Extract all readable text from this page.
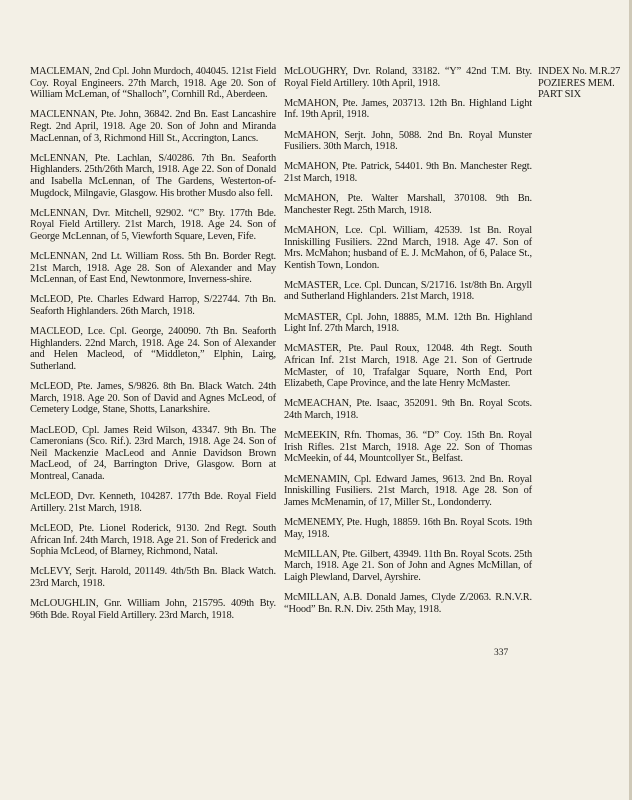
MACLEMAN, 2nd Cpl. John Murdoch, 404045. 121st Field Coy. Royal Engineers. 27th March, 1918. Age 20. Son of William McLeman, of “Shalloch”, Cornhill Rd., Aberdeen.

MACLENNAN, Pte. John, 36842. 2nd Bn. East Lancashire Regt. 2nd April, 1918. Age 20. Son of John and Miranda MacLennan, of 3, Richmond Hill St., Accrington, Lancs.

McLENNAN, Pte. Lachlan, S/40286. 7th Bn. Seaforth Highlanders. 25th/26th March, 1918. Age 22. Son of Donald and Isabella McLennan, of The Gardens, Westerton-of-Mugdock, Milngavie, Glasgow. His brother Musdo also fell.

McLENNAN, Dvr. Mitchell, 92902. “C” Bty. 177th Bde. Royal Field Artillery. 21st March, 1918. Age 24. Son of George McLennan, of 5, Viewforth Square, Leven, Fife.

McLENNAN, 2nd Lt. William Ross. 5th Bn. Border Regt. 21st March, 1918. Age 28. Son of Alexander and May McLennan, of East End, Newtonmore, Inverness-shire.

McLEOD, Pte. Charles Edward Harrop, S/22744. 7th Bn. Seaforth Highlanders. 26th March, 1918.

MACLEOD, Lce. Cpl. George, 240090. 7th Bn. Seaforth Highlanders. 22nd March, 1918. Age 24. Son of Alexander and Helen Macleod, of “Middleton,” Elphin, Lairg, Sutherland.

McLEOD, Pte. James, S/9826. 8th Bn. Black Watch. 24th March, 1918. Age 20. Son of David and Agnes McLeod, of Cemetery Lodge, Stane, Shotts, Lanarkshire.

MacLEOD, Cpl. James Reid Wilson, 43347. 9th Bn. The Cameronians (Sco. Rif.). 23rd March, 1918. Age 24. Son of Neil Mackenzie MacLeod and Annie Davidson Brown MacLeod, of 24, Barrington Drive, Glasgow. Born at Montreal, Canada.

McLEOD, Dvr. Kenneth, 104287. 177th Bde. Royal Field Artillery. 21st March, 1918.

McLEOD, Pte. Lionel Roderick, 9130. 2nd Regt. South African Inf. 24th March, 1918. Age 21. Son of Frederick and Sophia McLeod, of Blarney, Richmond, Natal.

McLEVY, Serjt. Harold, 201149. 4th/5th Bn. Black Watch. 23rd March, 1918.

McLOUGHLIN, Gnr. William John, 215795. 409th Bty. 96th Bde. Royal Field Artillery. 23rd March, 1918.

McLOUGHRY, Dvr. Roland, 33182. “Y” 42nd T.M. Bty. Royal Field Artillery. 10th April, 1918.

McMAHON, Pte. James, 203713. 12th Bn. Highland Light Inf. 19th April, 1918.

McMAHON, Serjt. John, 5088. 2nd Bn. Royal Munster Fusiliers. 30th March, 1918.

McMAHON, Pte. Patrick, 54401. 9th Bn. Manchester Regt. 21st March, 1918.

McMAHON, Pte. Walter Marshall, 370108. 9th Bn. Manchester Regt. 25th March, 1918.

McMAHON, Lce. Cpl. William, 42539. 1st Bn. Royal Inniskilling Fusiliers. 22nd March, 1918. Age 47. Son of Mrs. McMahon; husband of E. J. McMahon, of 6, Palace St., Kentish Town, London.

McMASTER, Lce. Cpl. Duncan, S/21716. 1st/8th Bn. Argyll and Sutherland Highlanders. 21st March, 1918.

McMASTER, Cpl. John, 18885, M.M. 12th Bn. Highland Light Inf. 27th March, 1918.

McMASTER, Pte. Paul Roux, 12048. 4th Regt. South African Inf. 21st March, 1918. Age 21. Son of Gertrude McMaster, of 10, Trafalgar Square, North End, Port Elizabeth, Cape Province, and the late Henry McMaster.

McMEACHAN, Pte. Isaac, 352091. 9th Bn. Royal Scots. 24th March, 1918.

McMEEKIN, Rfn. Thomas, 36. “D” Coy. 15th Bn. Royal Irish Rifles. 21st March, 1918. Age 22. Son of Thomas McMeekin, of 44, Mountcollyer St., Belfast.

McMENAMIN, Cpl. Edward James, 9613. 2nd Bn. Royal Inniskilling Fusiliers. 21st March, 1918. Age 28. Son of James McMenamin, of 17, Miller St., Londonderry.

McMENEMY, Pte. Hugh, 18859. 16th Bn. Royal Scots. 19th May, 1918.

McMILLAN, Pte. Gilbert, 43949. 11th Bn. Royal Scots. 25th March, 1918. Age 21. Son of John and Agnes McMillan, of Laigh Plewland, Darvel, Ayrshire.

McMILLAN, A.B. Donald James, Clyde Z/2063. R.N.V.R. “Hood” Bn. R.N. Div. 25th May, 1918.

INDEX No. M.R.27
POZIERES MEM.
PART SIX
337
